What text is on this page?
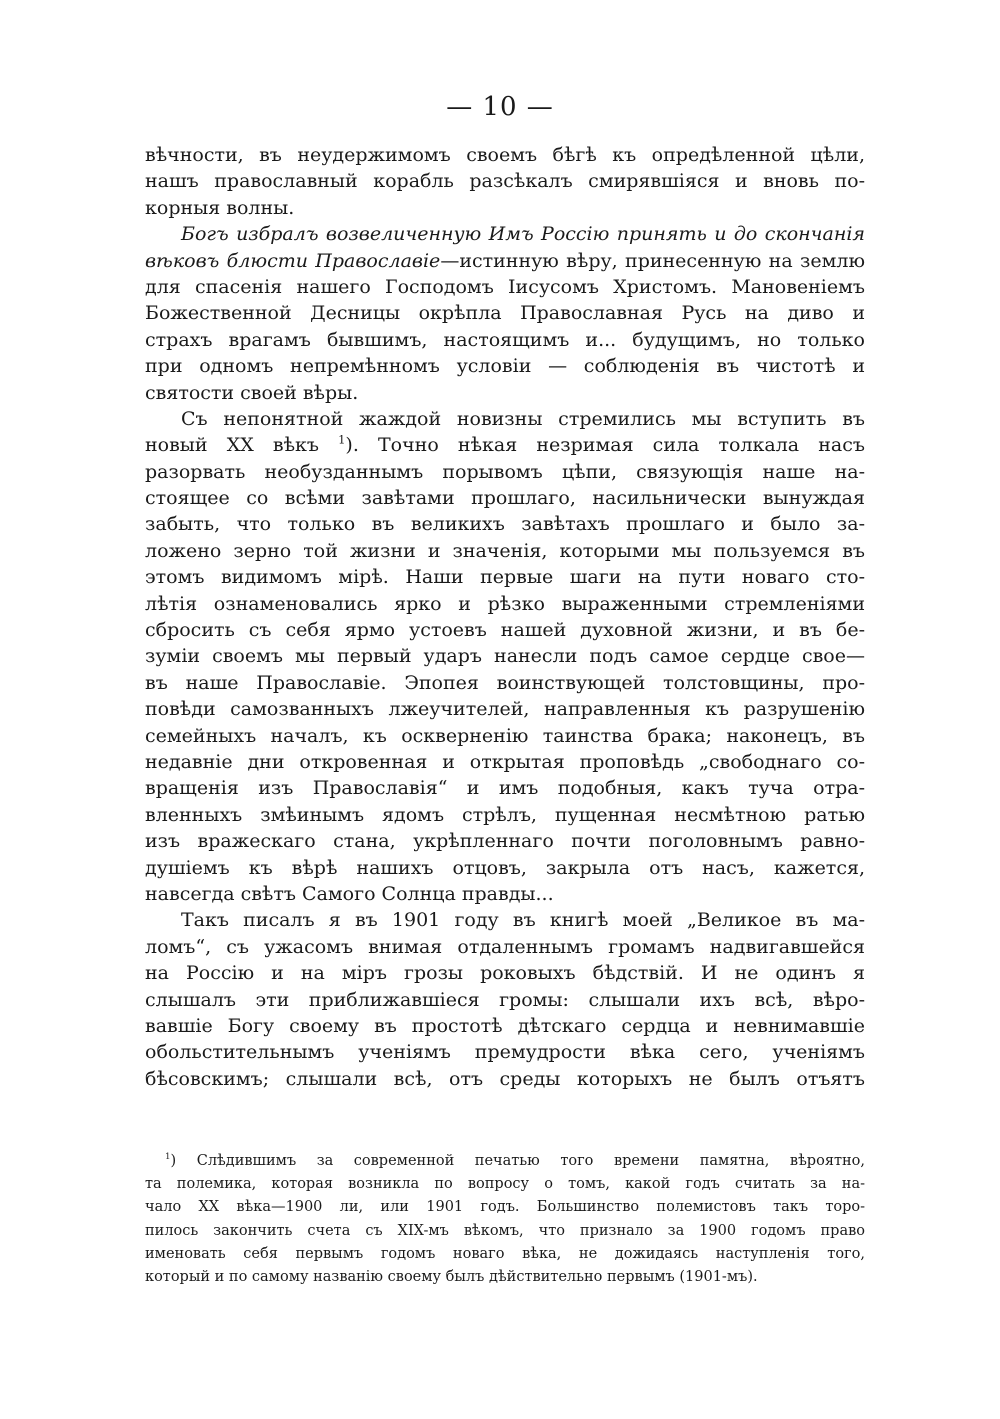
— 10 —
вѣчности, въ неудержимомъ своемъ бѣгѣ къ опредѣленной цѣли,
нашъ православный корабль разсѣкалъ смирявшіяся и вновь по-
корныя волны.
Богъ избралъ возвеличенную Имъ Россію принять и до скончанія
вѣковъ блюсти Православіе—истинную вѣру, принесенную на землю
для спасенія нашего Господомъ Іисусомъ Христомъ. Мановеніемъ
Божественной Десницы окрѣпла Православная Русь на диво и
страхъ врагамъ бывшимъ, настоящимъ и... будущимъ, но только
при одномъ непремѣнномъ условіи — соблюденія въ чистотѣ и
святости своей вѣры.
Съ непонятной жаждой новизны стремились мы вступить въ
новый XX вѣкъ $^1$). Точно нѣкая незримая сила толкала насъ
разорвать необузданнымъ порывомъ цѣпи, связующія наше на-
стоящее со всѣми завѣтами прошлаго, насильнически вынуждая
забыть, что только въ великихъ завѣтахъ прошлаго и было за-
ложено зерно той жизни и значенія, которыми мы пользуемся въ
этомъ видимомъ мірѣ. Наши первые шаги на пути новаго сто-
лѣтія ознаменовались ярко и рѣзко выраженными стремленіями
сбросить съ себя ярмо устоевъ нашей духовной жизни, и въ бе-
зуміи своемъ мы первый ударъ нанесли подъ самое сердце свое—
въ наше Православіе. Эпопея воинствующей толстовщины, про-
повѣди самозванныхъ лжеучителей, направленныя къ разрушенію
семейныхъ началъ, къ оскверненію таинства брака; наконецъ, въ
недавніе дни откровенная и открытая проповѣдь „свободнаго со-
вращенія изъ Православія“ и имъ подобныя, какъ туча отра-
вленныхъ змѣинымъ ядомъ стрѣлъ, пущенная несмѣтною ратью
изъ вражескаго стана, укрѣпленнаго почти поголовнымъ равно-
душіемъ къ вѣрѣ нашихъ отцовъ, закрыла отъ насъ, кажется,
навсегда свѣтъ Самого Солнца правды...
Такъ писалъ я въ 1901 году въ книгѣ моей „Великое въ ма-
ломъ“, съ ужасомъ внимая отдаленнымъ громамъ надвигавшейся
на Россію и на міръ грозы роковыхъ бѣдствій. И не одинъ я
слышалъ эти приближавшіеся громы: слышали ихъ всѣ, вѣро-
вавшіе Богу своему въ простотѣ дѣтскаго сердца и невнимавшіе
обольстительнымъ ученіямъ премудрости вѣка сего, ученіямъ
бѣсовскимъ; слышали всѣ, отъ среды которыхъ не былъ отъятъ
$^1$) Слѣдившимъ за современной печатью того времени памятна, вѣроятно,
та полемика, которая возникла по вопросу о томъ, какой годъ считать за на-
чало XX вѣка—1900 ли, или 1901 годъ. Большинство полемистовъ такъ торо-
пилось закончить счета съ XIX-мъ вѣкомъ, что признало за 1900 годомъ право
именовать себя первымъ годомъ новаго вѣка, не дожидаясь наступленія того,
который и по самому названію своему былъ дѣйствительно первымъ (1901-мъ).
